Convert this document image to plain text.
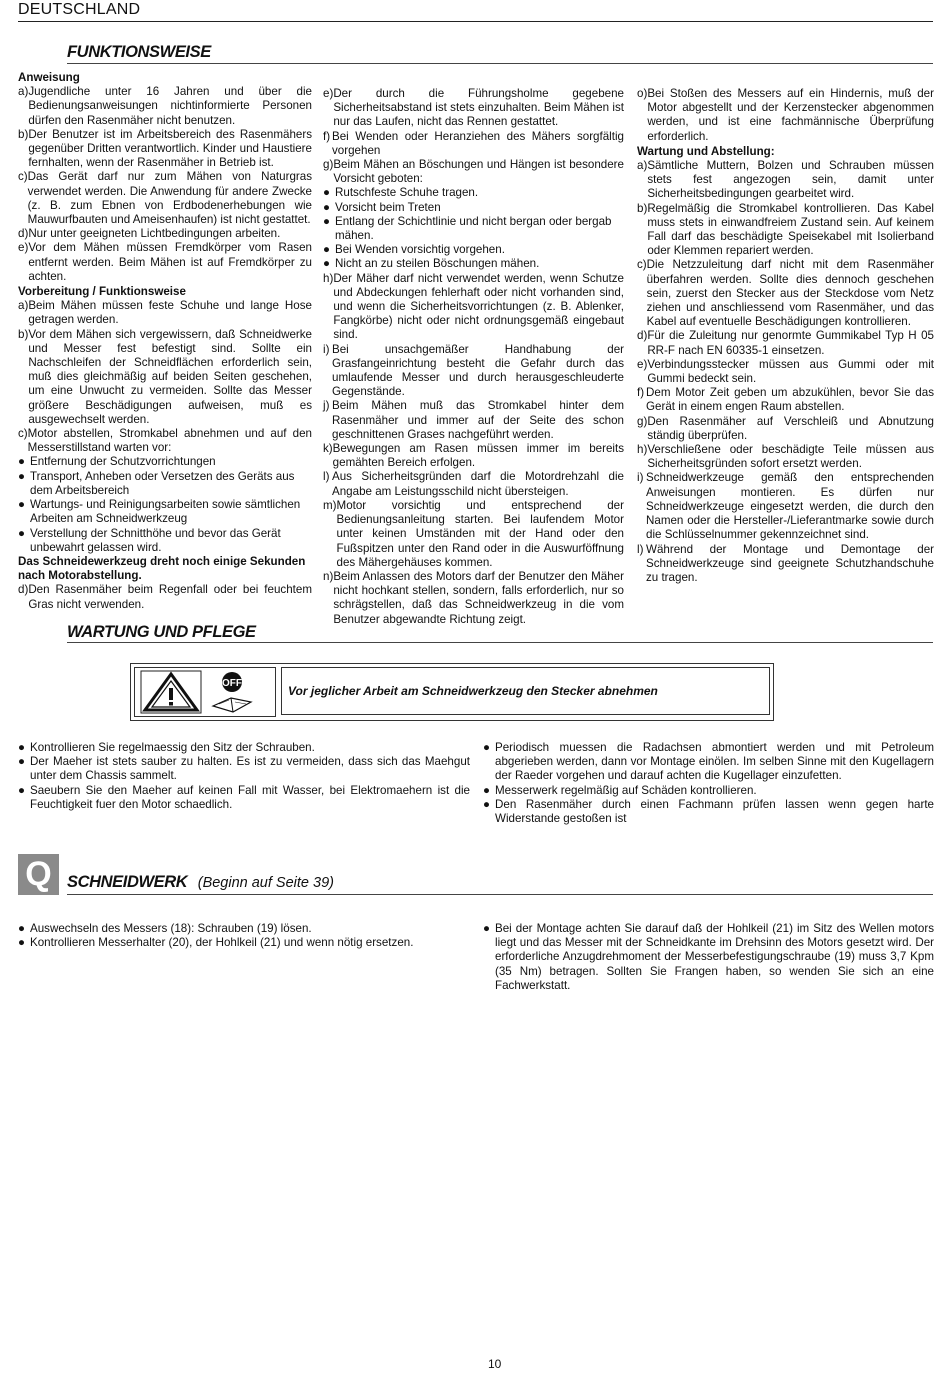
DEUTSCHLAND
FUNKTIONSWEISE

Anweisung

a) Jugendliche unter 16 Jahren und über die Bedienungsanweisungen nichtinformierte Personen dürfen den Rasenmäher nicht benutzen.
b) Der Benutzer ist im Arbeitsbereich des Rasenmähers gegenüber Dritten verantwortlich. Kinder und Haustiere fernhalten, wenn der Rasenmäher in Betrieb ist.
c) Das Gerät darf nur zum Mähen von Naturgras verwendet werden. Die Anwendung für andere Zwecke (z. B. zum Ebnen von Erdbodenerhebungen wie Mauwurfbauten und Ameisenhaufen) ist nicht gestattet.
d) Nur unter geeigneten Lichtbedingungen arbeiten.
e) Vor dem Mähen müssen Fremdkörper vom Rasen entfernt werden. Beim Mähen ist auf Fremdkörper zu achten.

Vorbereitung / Funktionsweise

a) Beim Mähen müssen feste Schuhe und lange Hose getragen werden.
b) Vor dem Mähen sich vergewissern, daß Schneidwerke und Messer fest befestigt sind. Sollte ein Nachschleifen der Schneidflächen erforderlich sein, muß dies gleichmäßig auf beiden Seiten geschehen, um eine Unwucht zu vermeiden. Sollte das Messer größere Beschädigungen aufweisen, muß es ausgewechselt werden.
c) Motor abstellen, Stromkabel abnehmen und auf den Messerstillstand warten vor:
● Entfernung der Schutzvorrichtungen
● Transport, Anheben oder Versetzen des Geräts aus dem Arbeitsbereich
● Wartungs- und Reinigungsarbeiten sowie sämtlichen Arbeiten am Schneidwerkzeug
● Verstellung der Schnitthöhe und bevor das Gerät unbewahrt gelassen wird.

Das Schneidewerkzeug dreht noch einige Sekunden nach Motorabstellung.

d) Den Rasenmäher beim Regenfall oder bei feuchtem Gras nicht verwenden.
e) Der durch die Führungsholme gegebene Sicherheitsabstand ist stets einzuhalten. Beim Mähen ist nur das Laufen, nicht das Rennen gestattet.
f) Bei Wenden oder Heranziehen des Mähers sorgfältig vorgehen
g) Beim Mähen an Böschungen und Hängen ist besondere Vorsicht geboten:
● Rutschfeste Schuhe tragen.
● Vorsicht beim Treten
● Entlang der Schichtlinie und nicht bergan oder bergab mähen.
● Bei Wenden vorsichtig vorgehen.
● Nicht an zu steilen Böschungen mähen.
h) Der Mäher darf nicht verwendet werden, wenn Schutze und Abdeckungen fehlerhaft oder nicht vorhanden sind, und wenn die Sicherheitsvorrichtungen (z. B. Ablenker, Fangkörbe) nicht oder nicht ordnungsgemäß eingebaut sind.
i) Bei unsachgemäßer Handhabung der Grasfangeinrichtung besteht die Gefahr durch das umlaufende Messer und durch herausgeschleuderte Gegenstände.
j) Beim Mähen muß das Stromkabel hinter dem Rasenmäher und immer auf der Seite des schon geschnittenen Grases nachgeführt werden.
k) Bewegungen am Rasen müssen immer im bereits gemähten Bereich erfolgen.
l) Aus Sicherheitsgründen darf die Motordrehzahl die Angabe am Leistungsschild nicht übersteigen.
m) Motor vorsichtig und entsprechend der Bedienungsanleitung starten. Bei laufendem Motor unter keinen Umständen mit der Hand oder den Fußspitzen unter den Rand oder in die Auswurföffnung des Mähergehäuses kommen.
n) Beim Anlassen des Motors darf der Benutzer den Mäher nicht hochkant stellen, sondern, falls erforderlich, nur so schrägstellen, daß das Schneidwerkzeug in die vom Benutzer abgewandte Richtung zeigt.
o) Bei Stoßen des Messers auf ein Hindernis, muß der Motor abgestellt und der Kerzenstecker abgenommen werden, und ist eine fachmännische Überprüfung erforderlich.

Wartung und Abstellung:

a) Sämtliche Muttern, Bolzen und Schrauben müssen stets fest angezogen sein, damit unter Sicherheitsbedingungen gearbeitet wird.
b) Regelmäßig die Stromkabel kontrollieren. Das Kabel muss stets in einwandfreiem Zustand sein. Auf keinem Fall darf das beschädigte Speisekabel mit Isolierband oder Klemmen repariert werden.
c) Die Netzzuleitung darf nicht mit dem Rasenmäher überfahren werden. Sollte dies dennoch geschehen sein, zuerst den Stecker aus der Steckdose vom Netz ziehen und anschliessend vom Rasenmäher, und das Kabel auf eventuelle Beschädigungen kontrollieren.
d) Für die Zuleitung nur genormte Gummikabel Typ H 05 RR-F nach EN 60335-1 einsetzen.
e) Verbindungsstecker müssen aus Gummi oder mit Gummi bedeckt sein.
f) Dem Motor Zeit geben um abzukühlen, bevor Sie das Gerät in einem engen Raum abstellen.
g) Den Rasenmäher auf Verschleiß und Abnutzung ständig überprüfen.
h) Verschließene oder beschädigte Teile müssen aus Sicherheitsgründen sofort ersetzt werden.
i) Schneidwerkzeuge gemäß den entsprechenden Anweisungen montieren. Es dürfen nur Schneidwerkzeuge eingesetzt werden, die durch den Namen oder die Hersteller-/Lieferantmarke sowie durch die Schlüsselnummer gekennzeichnet sind.
l) Während der Montage und Demontage der Schneidwerkzeuge sind geeignete Schutzhandschuhe zu tragen.
WARTUNG UND PFLEGE
OFF
Vor jeglicher Arbeit am Schneidwerkzeug den Stecker abnehmen
● Kontrollieren Sie regelmaessig den Sitz der Schrauben.
● Der Maeher ist stets sauber zu halten. Es ist zu vermeiden, dass sich das Maehgut unter dem Chassis sammelt.
● Saeubern Sie den Maeher auf keinen Fall mit Wasser, bei Elektromaehern ist die Feuchtigkeit fuer den Motor schaedlich.
● Periodisch muessen die Radachsen abmontiert werden und mit Petroleum abgerieben werden, dann vor Montage einölen. Im selben Sinne mit den Kugellagern der Raeder vorgehen und darauf achten die Kugellager einzufetten.
● Messerwerk regelmäßig auf Schäden kontrollieren.
● Den Rasenmäher durch einen Fachmann prüfen lassen wenn gegen harte Widerstande gestoßen ist
Q SCHNEIDWERK (Beginn auf Seite 39)
● Auswechseln des Messers (18): Schrauben (19) lösen.
● Kontrollieren Messerhalter (20), der Hohlkeil (21) und wenn nötig ersetzen.
● Bei der Montage achten Sie darauf daß der Hohlkeil (21) im Sitz des Wellen motors liegt und das Messer mit der Schneidkante im Drehsinn des Motors gesetzt wird. Der erforderliche Anzugdrehmoment der Messerbefestigungschraube (19) muss 3,7 Kpm (35 Nm) betragen. Sollten Sie Frangen haben, so wenden Sie sich an eine Fachwerkstatt.
10
